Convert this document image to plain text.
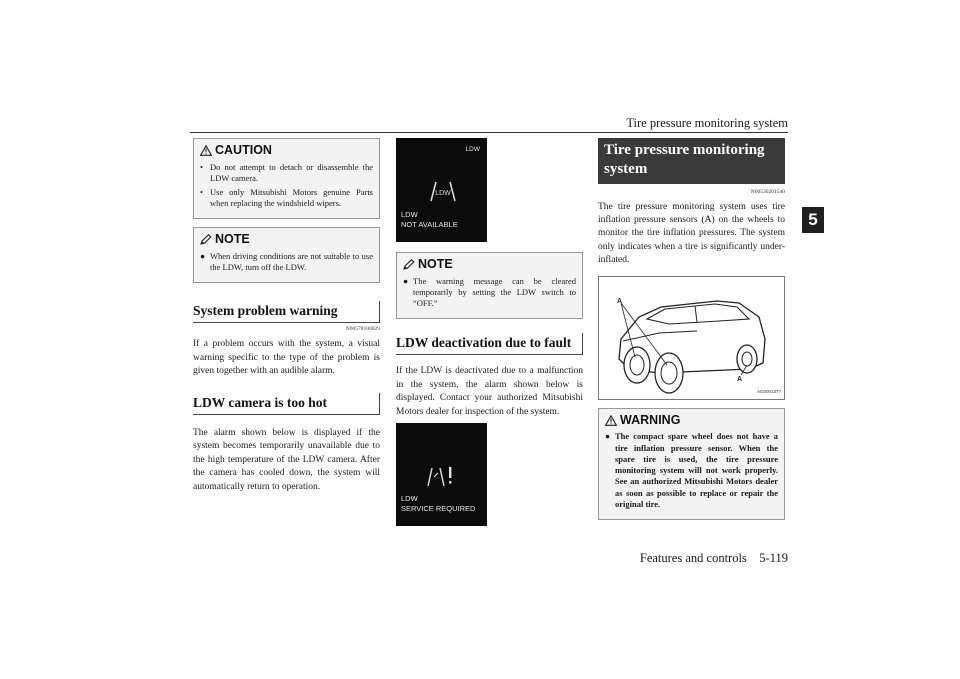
Tire pressure monitoring system
5
CAUTION
• Do not attempt to detach or disassemble the LDW camera.
• Use only Mitsubishi Motors genuine Parts when replacing the windshield wipers.
NOTE
● When driving conditions are not suitable to use the LDW, turn off the LDW.
System problem warning
N00578100029
If a problem occurs with the system, a visual warning specific to the type of the problem is given together with an audible alarm.
LDW camera is too hot
The alarm shown below is displayed if the system becomes temporarily unavailable due to the high temperature of the LDW camera. After the camera has cooled down, the system will automatically return to operation.
LDW
LDW
LDW
NOT AVAILABLE
NOTE
● The warning message can be cleared temporarily by setting the LDW switch to “OFF.”
LDW deactivation due to fault
If the LDW is deactivated due to a malfunction in the system, the alarm shown below is displayed. Contact your authorized Mitsubishi Motors dealer for inspection of the system.
LDW
SERVICE REQUIRED
Tire pressure monitoring system
N00530201540
The tire pressure monitoring system uses tire inflation pressure sensors (A) on the wheels to monitor the tire inflation pressures. The system only indicates when a tire is significantly under-inflated.
A
A
AG0001377
WARNING
● The compact spare wheel does not have a tire inflation pressure sensor. When the spare tire is used, the tire pressure monitoring system will not work properly. See an authorized Mitsubishi Motors dealer as soon as possible to replace or repair the original tire.
Features and controls    5-119
